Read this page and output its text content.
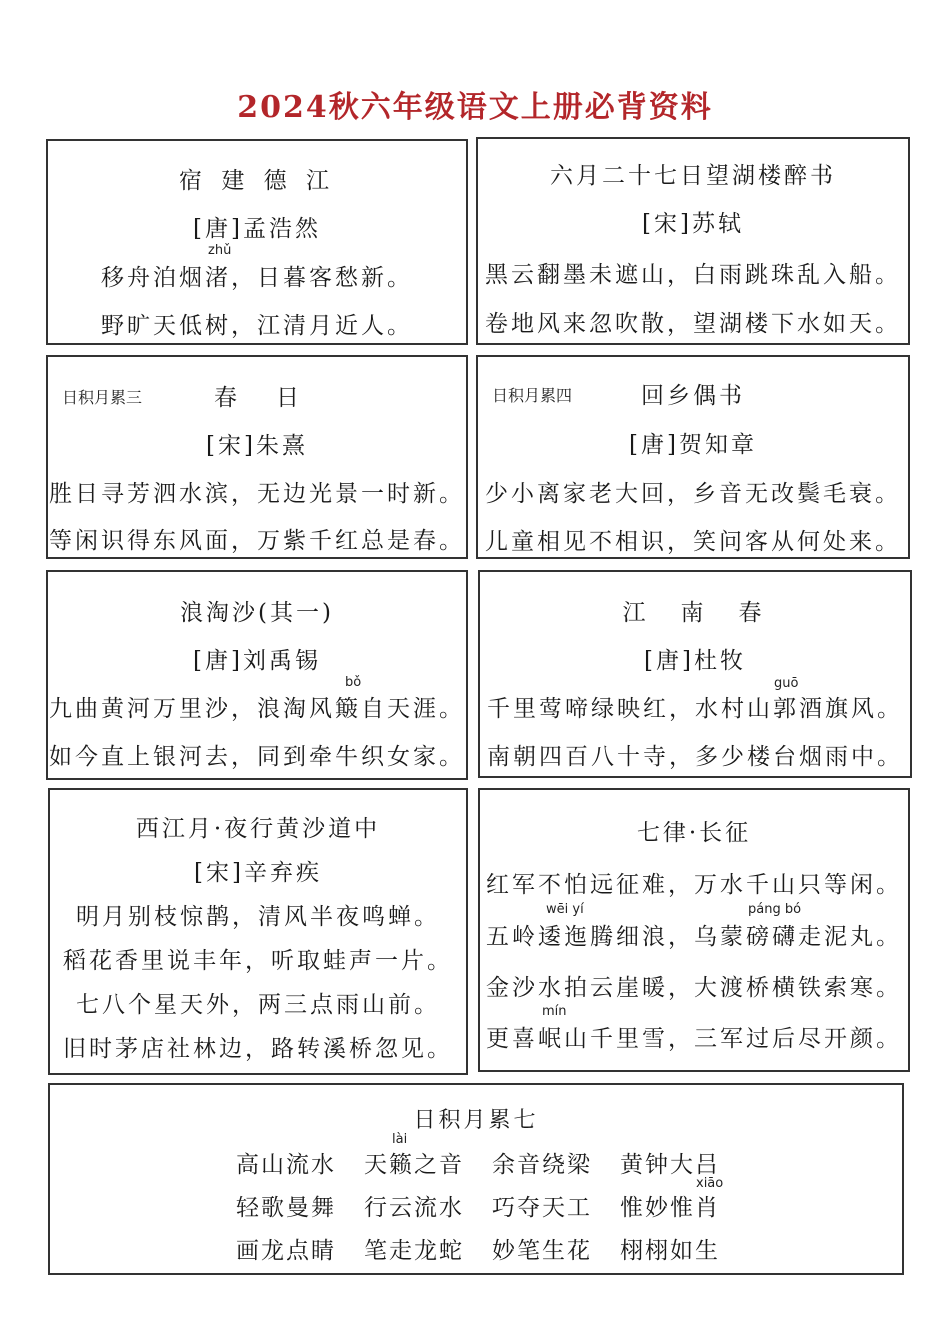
2024秋六年级语文上册必背资料
宿 建 德 江
[唐]孟浩然
zhǔ
移舟泊烟渚，日暮客愁新。
野旷天低树，江清月近人。
六月二十七日望湖楼醉书
[宋]苏轼
黑云翻墨未遮山，白雨跳珠乱入船。
卷地风来忽吹散，望湖楼下水如天。
日积月累三	春　日
[宋]朱熹
胜日寻芳泗水滨，无边光景一时新。
等闲识得东风面，万紫千红总是春。
日积月累四	回乡偶书
[唐]贺知章
少小离家老大回，乡音无改鬓毛衰。
儿童相见不相识，笑问客从何处来。
浪淘沙(其一)
[唐]刘禹锡
bǒ
九曲黄河万里沙，浪淘风簸自天涯。
如今直上银河去，同到牵牛织女家。
江　南　春
[唐]杜牧
guō
千里莺啼绿映红，水村山郭酒旗风。
南朝四百八十寺，多少楼台烟雨中。
西江月·夜行黄沙道中
[宋]辛弃疾
明月别枝惊鹊，清风半夜鸣蝉。
稻花香里说丰年，听取蛙声一片。
七八个星天外，两三点雨山前。
旧时茅店社林边，路转溪桥忽见。
七律·长征
红军不怕远征难，万水千山只等闲。
wēi yí	páng bó
五岭逶迤腾细浪，乌蒙磅礴走泥丸。
金沙水拍云崖暖，大渡桥横铁索寒。
mín
更喜岷山千里雪，三军过后尽开颜。
日积月累七
lài
高山流水 天籁之音 余音绕梁 黄钟大吕
xiāo
轻歌曼舞 行云流水 巧夺天工 惟妙惟肖
画龙点睛 笔走龙蛇 妙笔生花 栩栩如生
